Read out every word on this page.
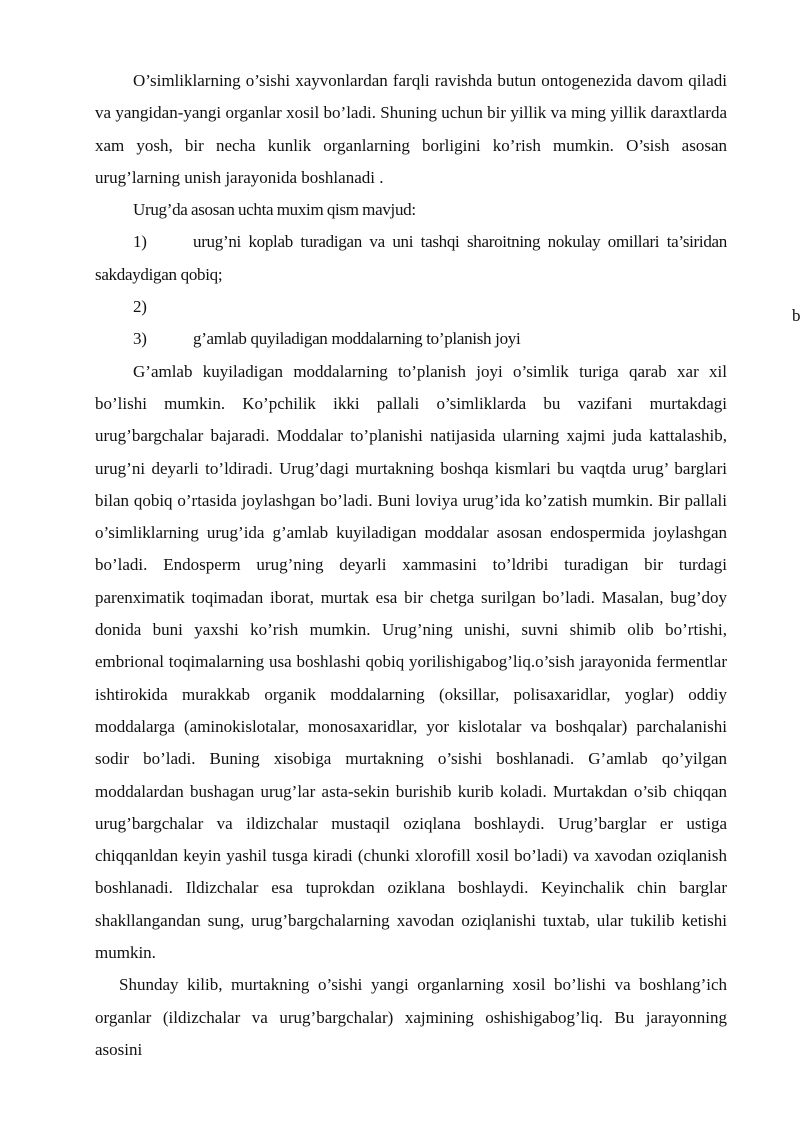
O’simliklarning o’sishi xayvonlardan farqli ravishda butun ontogenezida davom qiladi va yangidan-yangi organlar xosil bo’ladi. Shuning uchun bir yillik va ming yillik daraxtlarda xam yosh, bir necha kunlik organlarning borligini ko’rish mumkin. O’sish asosan urug’larning unish jarayonida boshlanadi .

Urug’da asosan uchta muxim qism mavjud:

1)	urug’ni koplab turadigan va uni tashqi sharoitning nokulay omillari ta’siridan sakdaydigan qobiq;

2)

3)	g’amlab quyiladigan moddalarning to’planish joyi

G’amlab kuyiladigan moddalarning to’planish joyi o’simlik turiga qarab xar xil bo’lishi mumkin. Ko’pchilik ikki pallali o’simliklarda bu vazifani murtakdagi urug’bargchalar bajaradi. Moddalar to’planishi natijasida ularning xajmi juda kattalashib, urug’ni deyarli to’ldiradi. Urug’dagi murtakning boshqa kismlari bu vaqtda urug’ barglari bilan qobiq o’rtasida joylashgan bo’ladi. Buni loviya urug’ida ko’zatish mumkin. Bir pallali o’simliklarning urug’ida g’amlab kuyiladigan moddalar asosan endospermida joylashgan bo’ladi. Endosperm urug’ning deyarli xammasini to’ldribi turadigan bir turdagi parenximatik toqimadan iborat, murtak esa bir chetga surilgan bo’ladi. Masalan, bug’doy donida buni yaxshi ko’rish mumkin. Urug’ning unishi, suvni shimib olib bo’rtishi, embrional toqimalarning usa boshlashi qobiq yorilishigabog’liq.o’sish jarayonida fermentlar ishtirokida murakkab organik moddalarning (oksillar, polisaxaridlar, yoglar) oddiy moddalarga (aminokislotalar, monosaxaridlar, yor kislotalar va boshqalar) parchalanishi sodir bo’ladi. Buning xisobiga murtakning o’sishi boshlanadi. G’amlab qo’yilgan moddalardan bushagan urug’lar asta-sekin burishib kurib koladi. Murtakdan o’sib chiqqan urug’bargchalar va ildizchalar mustaqil oziqlana boshlaydi. Urug’barglar er ustiga chiqqanldan keyin yashil tusga kiradi (chunki xlorofill xosil bo’ladi) va xavodan oziqlanish boshlanadi. Ildizchalar esa tuprokdan oziklana boshlaydi. Keyinchalik chin barglar shakllangandan sung, urug’bargchalarning xavodan oziqlanishi tuxtab, ular tukilib ketishi mumkin.

Shunday kilib, murtakning o’sishi yangi organlarning xosil bo’lishi va boshlang’ich organlar (ildizchalar va urug’bargchalar) xajmining oshishigabog’liq. Bu jarayonning asosini

b
